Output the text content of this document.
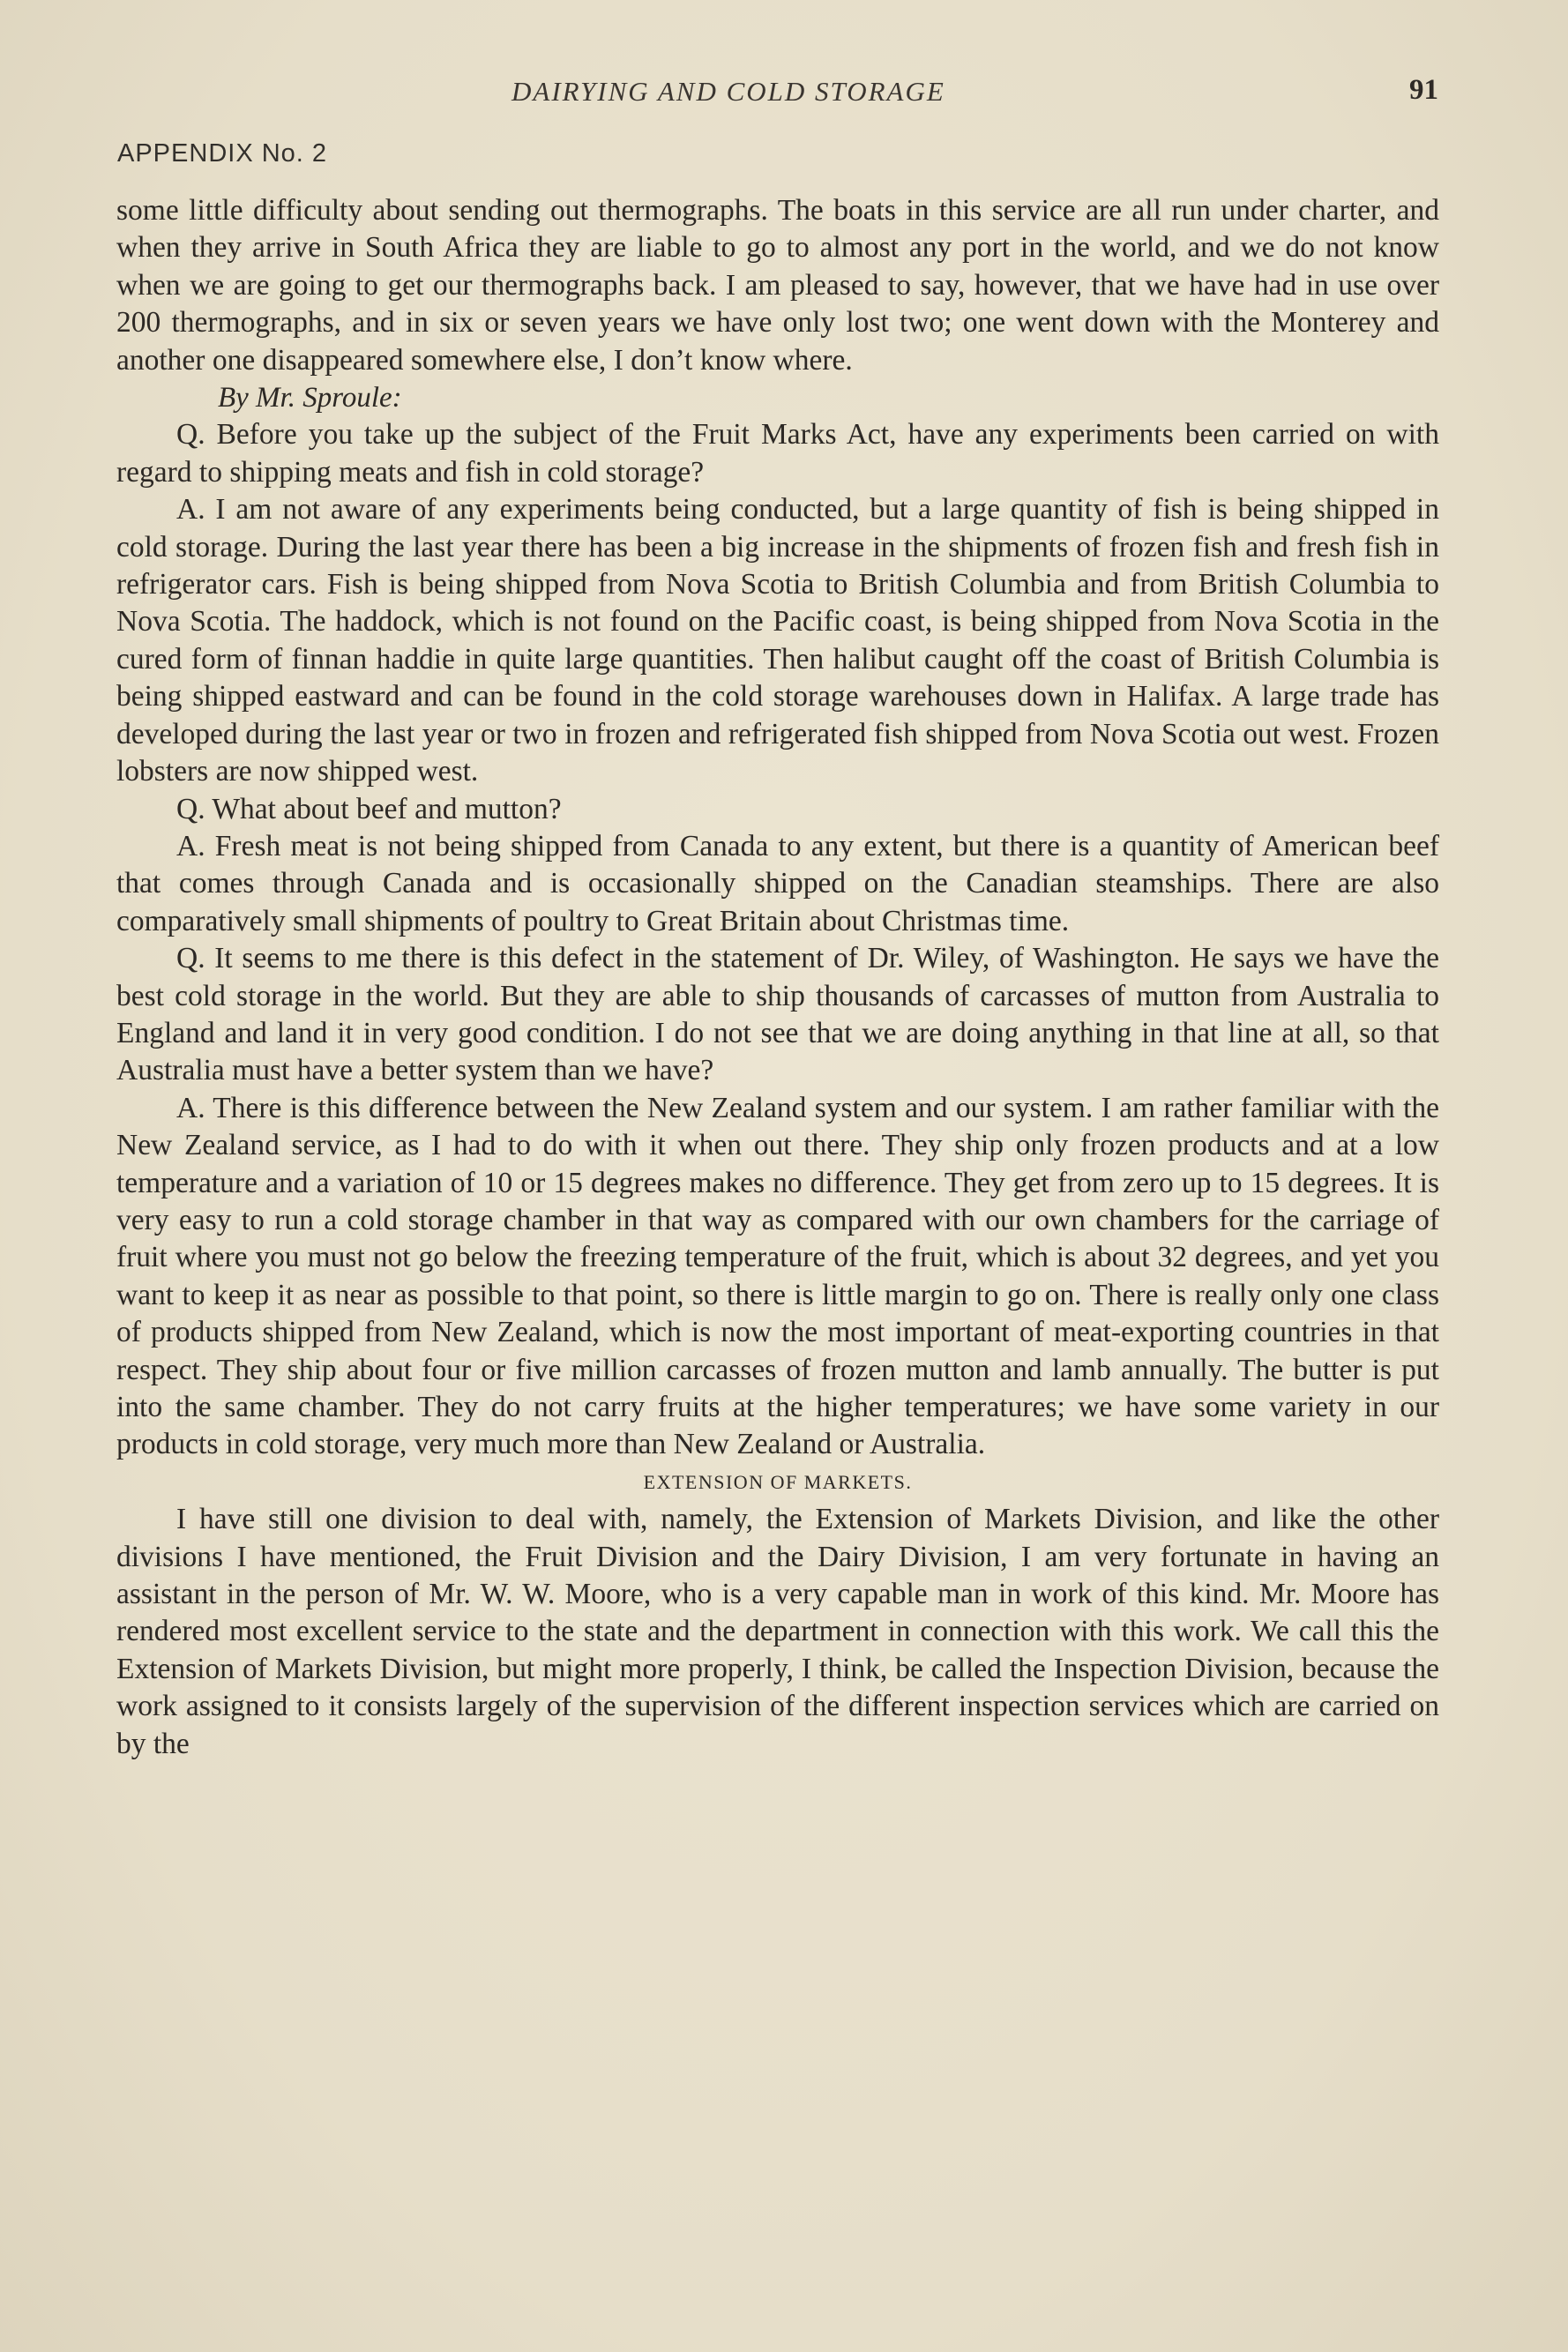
DAIRYING AND COLD STORAGE	91
APPENDIX No. 2

some little difficulty about sending out thermographs. The boats in this service are all run under charter, and when they arrive in South Africa they are liable to go to almost any port in the world, and we do not know when we are going to get our thermographs back. I am pleased to say, however, that we have had in use over 200 thermographs, and in six or seven years we have only lost two; one went down with the Monterey and another one disappeared somewhere else, I don’t know where.

By Mr. Sproule:

Q. Before you take up the subject of the Fruit Marks Act, have any experiments been carried on with regard to shipping meats and fish in cold storage?

A. I am not aware of any experiments being conducted, but a large quantity of fish is being shipped in cold storage. During the last year there has been a big increase in the shipments of frozen fish and fresh fish in refrigerator cars. Fish is being shipped from Nova Scotia to British Columbia and from British Columbia to Nova Scotia. The haddock, which is not found on the Pacific coast, is being shipped from Nova Scotia in the cured form of finnan haddie in quite large quantities. Then halibut caught off the coast of British Columbia is being shipped eastward and can be found in the cold storage warehouses down in Halifax. A large trade has developed during the last year or two in frozen and refrigerated fish shipped from Nova Scotia out west. Frozen lobsters are now shipped west.

Q. What about beef and mutton?

A. Fresh meat is not being shipped from Canada to any extent, but there is a quantity of American beef that comes through Canada and is occasionally shipped on the Canadian steamships. There are also comparatively small shipments of poultry to Great Britain about Christmas time.

Q. It seems to me there is this defect in the statement of Dr. Wiley, of Washington. He says we have the best cold storage in the world. But they are able to ship thousands of carcasses of mutton from Australia to England and land it in very good condition. I do not see that we are doing anything in that line at all, so that Australia must have a better system than we have?

A. There is this difference between the New Zealand system and our system. I am rather familiar with the New Zealand service, as I had to do with it when out there. They ship only frozen products and at a low temperature and a variation of 10 or 15 degrees makes no difference. They get from zero up to 15 degrees. It is very easy to run a cold storage chamber in that way as compared with our own chambers for the carriage of fruit where you must not go below the freezing temperature of the fruit, which is about 32 degrees, and yet you want to keep it as near as possible to that point, so there is little margin to go on. There is really only one class of products shipped from New Zealand, which is now the most important of meat-exporting countries in that respect. They ship about four or five million carcasses of frozen mutton and lamb annually. The butter is put into the same chamber. They do not carry fruits at the higher temperatures; we have some variety in our products in cold storage, very much more than New Zealand or Australia.

EXTENSION OF MARKETS.

I have still one division to deal with, namely, the Extension of Markets Division, and like the other divisions I have mentioned, the Fruit Division and the Dairy Division, I am very fortunate in having an assistant in the person of Mr. W. W. Moore, who is a very capable man in work of this kind. Mr. Moore has rendered most excellent service to the state and the department in connection with this work. We call this the Extension of Markets Division, but might more properly, I think, be called the Inspection Division, because the work assigned to it consists largely of the supervision of the different inspection services which are carried on by the
